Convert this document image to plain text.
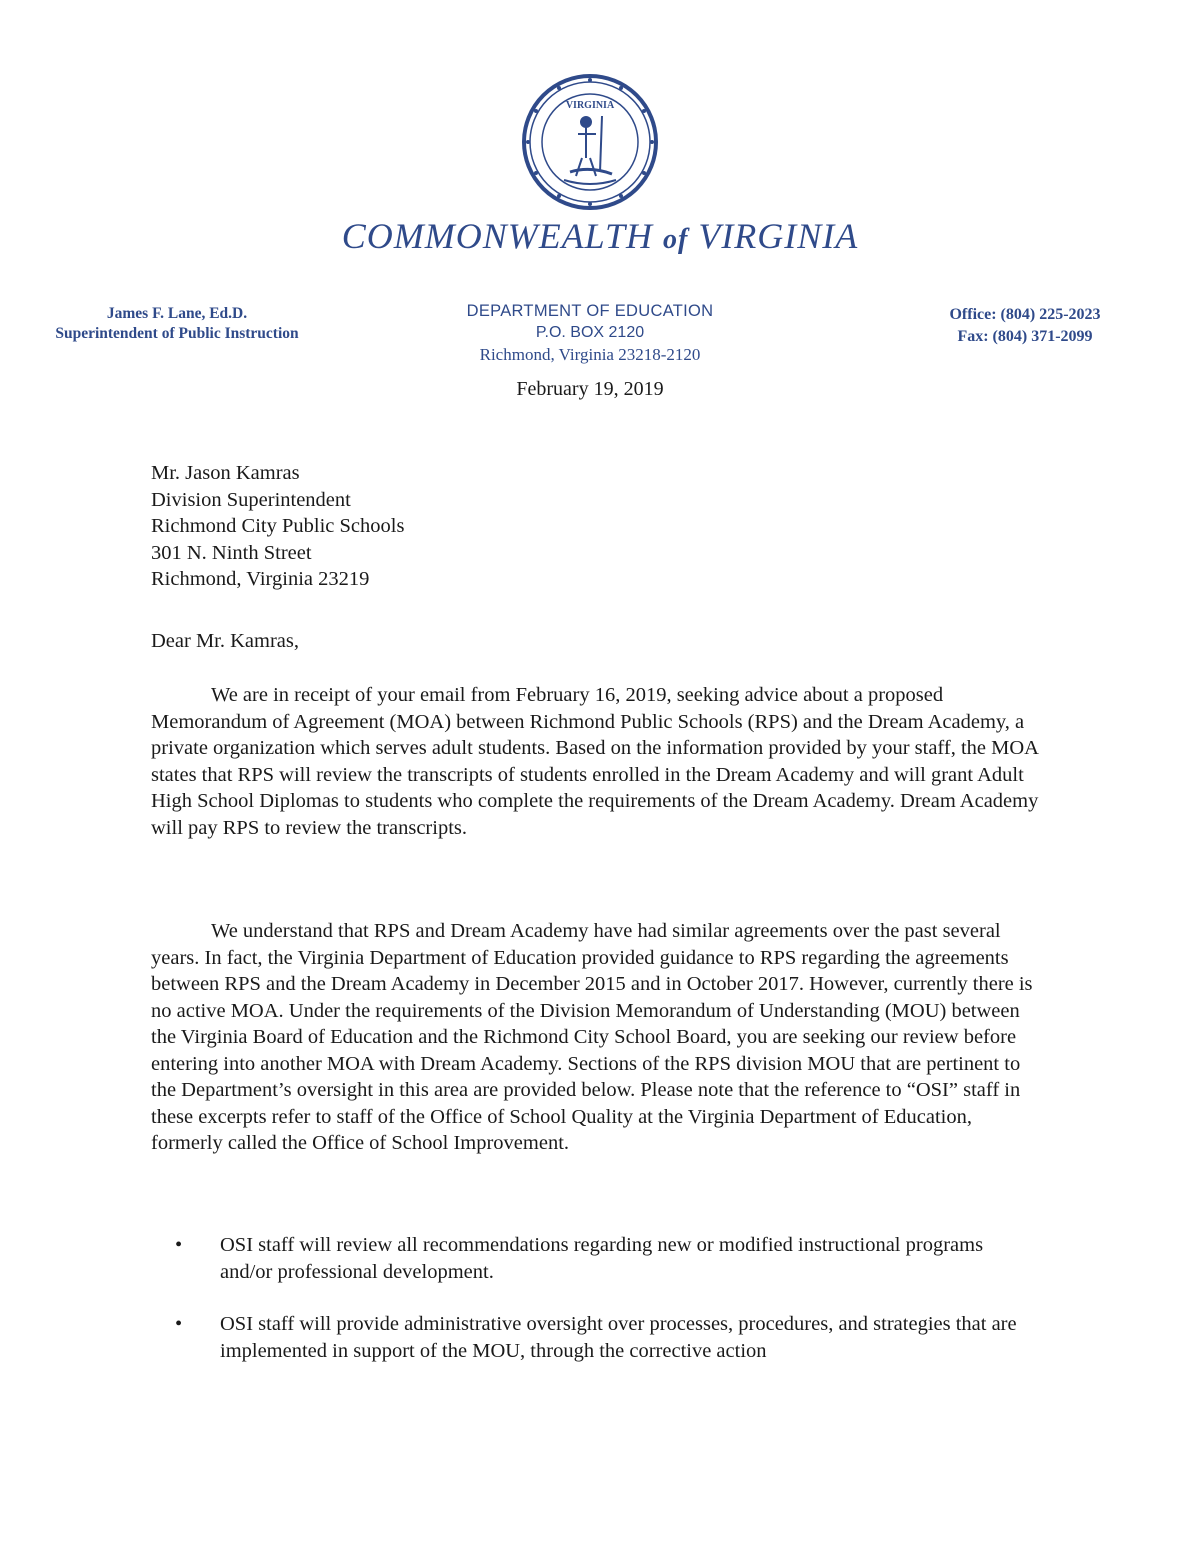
VIRGINIA
COMMONWEALTH of VIRGINIA
James F. Lane, Ed.D.
Superintendent of Public Instruction
DEPARTMENT OF EDUCATION
P.O. BOX 2120
Richmond, Virginia 23218-2120
Office: (804) 225-2023
Fax: (804) 371-2099
February 19, 2019
Mr. Jason Kamras
Division Superintendent
Richmond City Public Schools
301 N. Ninth Street
Richmond, Virginia 23219
Dear Mr. Kamras,
We are in receipt of your email from February 16, 2019, seeking advice about a proposed Memorandum of Agreement (MOA) between Richmond Public Schools (RPS) and the Dream Academy, a private organization which serves adult students. Based on the information provided by your staff, the MOA states that RPS will review the transcripts of students enrolled in the Dream Academy and will grant Adult High School Diplomas to students who complete the requirements of the Dream Academy. Dream Academy will pay RPS to review the transcripts.
We understand that RPS and Dream Academy have had similar agreements over the past several years. In fact, the Virginia Department of Education provided guidance to RPS regarding the agreements between RPS and the Dream Academy in December 2015 and in October 2017. However, currently there is no active MOA. Under the requirements of the Division Memorandum of Understanding (MOU) between the Virginia Board of Education and the Richmond City School Board, you are seeking our review before entering into another MOA with Dream Academy. Sections of the RPS division MOU that are pertinent to the Department’s oversight in this area are provided below. Please note that the reference to “OSI” staff in these excerpts refer to staff of the Office of School Quality at the Virginia Department of Education, formerly called the Office of School Improvement.
• OSI staff will review all recommendations regarding new or modified instructional programs and/or professional development.
• OSI staff will provide administrative oversight over processes, procedures, and strategies that are implemented in support of the MOU, through the corrective action
